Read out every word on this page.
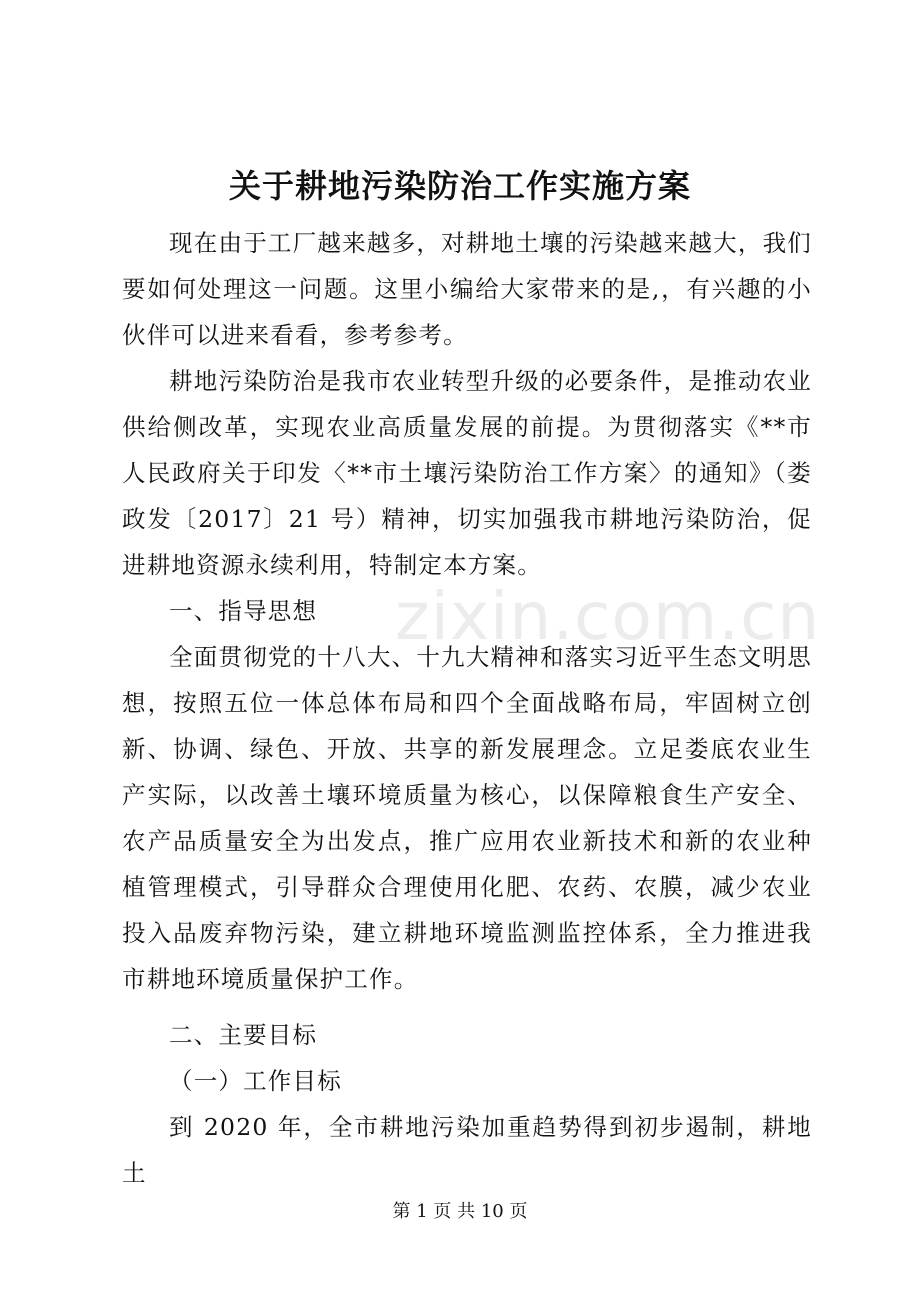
关于耕地污染防治工作实施方案
zixin.com.cn

现在由于工厂越来越多，对耕地土壤的污染越来越大，我们要如何处理这一问题。这里小编给大家带来的是,，有兴趣的小伙伴可以进来看看，参考参考。

耕地污染防治是我市农业转型升级的必要条件，是推动农业供给侧改革，实现农业高质量发展的前提。为贯彻落实《**市人民政府关于印发〈**市土壤污染防治工作方案〉的通知》（娄政发〔2017〕21 号）精神，切实加强我市耕地污染防治，促进耕地资源永续利用，特制定本方案。

一、指导思想

全面贯彻党的十八大、十九大精神和落实习近平生态文明思想，按照五位一体总体布局和四个全面战略布局，牢固树立创新、协调、绿色、开放、共享的新发展理念。立足娄底农业生产实际，以改善土壤环境质量为核心，以保障粮食生产安全、农产品质量安全为出发点，推广应用农业新技术和新的农业种植管理模式，引导群众合理使用化肥、农药、农膜，减少农业投入品废弃物污染，建立耕地环境监测监控体系，全力推进我市耕地环境质量保护工作。

二、主要目标

（一）工作目标

到 2020 年，全市耕地污染加重趋势得到初步遏制，耕地土

第 1 页 共 10 页
